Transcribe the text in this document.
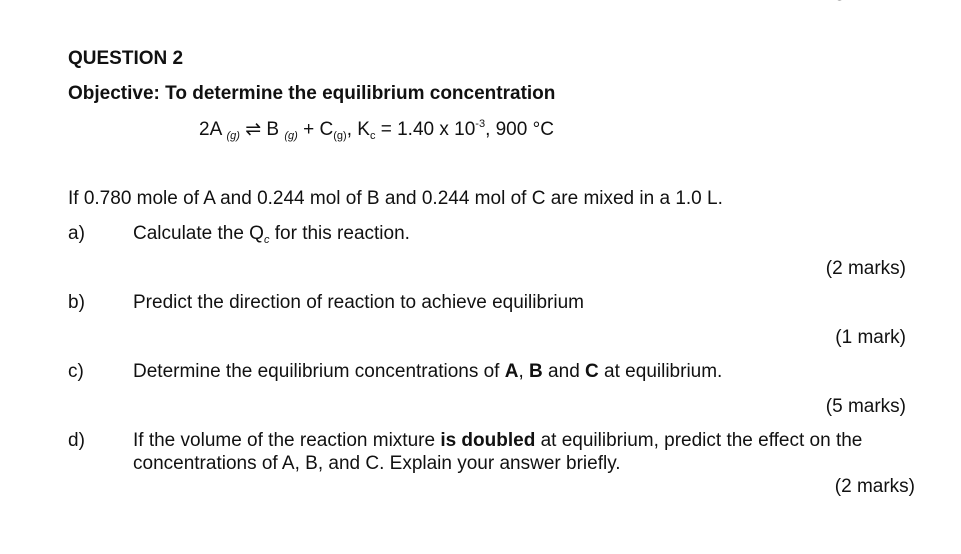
QUESTION 2
Objective: To determine the equilibrium concentration
2A $_{(g)}$ ⇌ B $_{(g)} + C_{(g)}$, $K_c = 1.40$ x $10^{-3}$, 900 °C
If 0.780 mole of A and 0.244 mol of B and 0.244 mol of C are mixed in a 1.0 L.
a)	Calculate the $Q_c$ for this reaction.
(2 marks)
b)	Predict the direction of reaction to achieve equilibrium
(1 mark)
c)	Determine the equilibrium concentrations of A, B and C at equilibrium.
(5 marks)
d)	If the volume of the reaction mixture is doubled at equilibrium, predict the effect on the concentrations of A, B, and C. Explain your answer briefly.
(2 marks)
